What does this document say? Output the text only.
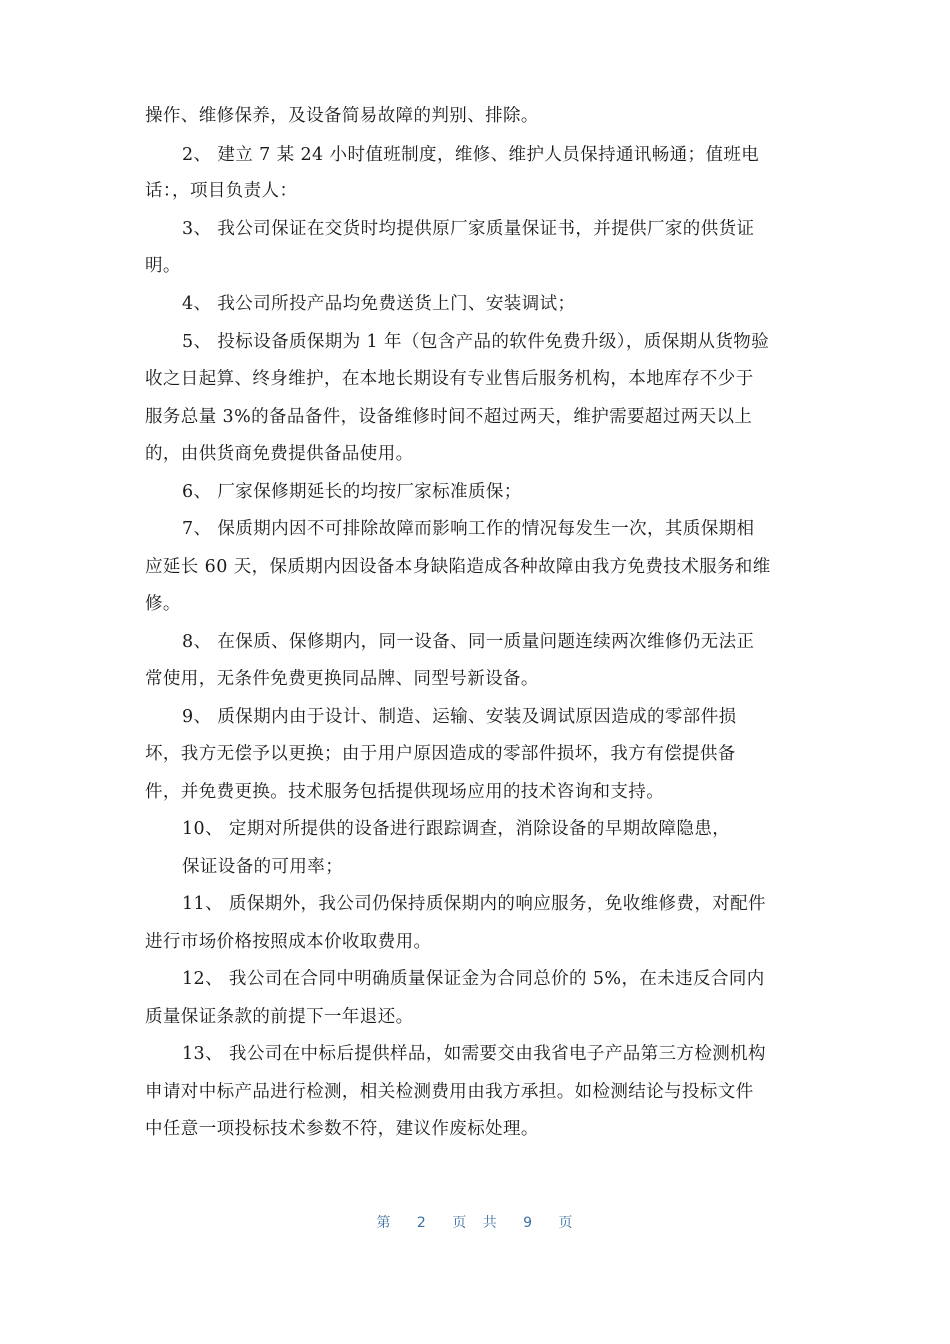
操作、维修保养，及设备简易故障的判别、排除。
2、 建立 7 某 24 小时值班制度，维修、维护人员保持通讯畅通；值班电
话：，项目负责人：
3、 我公司保证在交货时均提供原厂家质量保证书，并提供厂家的供货证
明。
4、 我公司所投产品均免费送货上门、安装调试；
5、 投标设备质保期为 1 年（包含产品的软件免费升级），质保期从货物验
收之日起算、终身维护，在本地长期设有专业售后服务机构，本地库存不少于
服务总量 3%的备品备件，设备维修时间不超过两天，维护需要超过两天以上
的，由供货商免费提供备品使用。
6、 厂家保修期延长的均按厂家标准质保；
7、 保质期内因不可排除故障而影响工作的情况每发生一次，其质保期相
应延长 60 天，保质期内因设备本身缺陷造成各种故障由我方免费技术服务和维
修。
8、 在保质、保修期内，同一设备、同一质量问题连续两次维修仍无法正
常使用，无条件免费更换同品牌、同型号新设备。
9、 质保期内由于设计、制造、运输、安装及调试原因造成的零部件损
坏，我方无偿予以更换；由于用户原因造成的零部件损坏，我方有偿提供备
件，并免费更换。技术服务包括提供现场应用的技术咨询和支持。
10、 定期对所提供的设备进行跟踪调查，消除设备的早期故障隐患，
保证设备的可用率；
11、 质保期外，我公司仍保持质保期内的响应服务，免收维修费，对配件
进行市场价格按照成本价收取费用。
12、 我公司在合同中明确质量保证金为合同总价的 5%，在未违反合同内
质量保证条款的前提下一年退还。
13、 我公司在中标后提供样品，如需要交由我省电子产品第三方检测机构
申请对中标产品进行检测，相关检测费用由我方承担。如检测结论与投标文件
中任意一项投标技术参数不符，建议作废标处理。
第 2 页 共 9 页
